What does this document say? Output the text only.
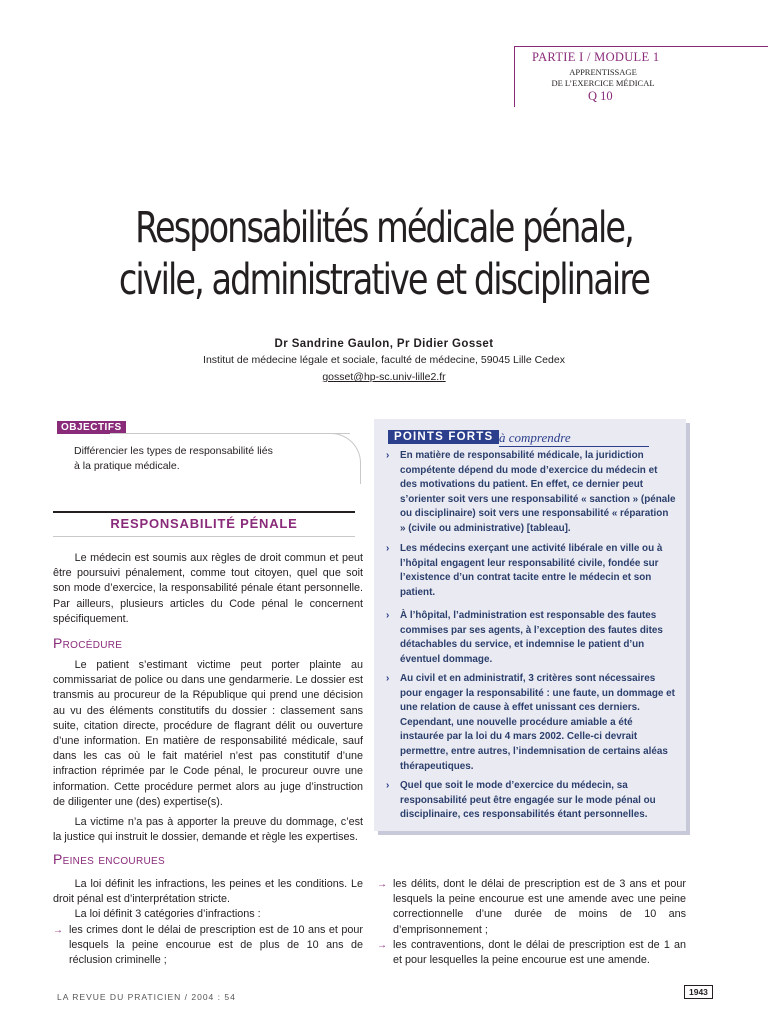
PARTIE I / MODULE 1
APPRENTISSAGE
DE L’EXERCICE MÉDICAL
Q 10
Responsabilités médicale pénale,
civile, administrative et disciplinaire
Dr Sandrine Gaulon, Pr Didier Gosset
Institut de médecine légale et sociale, faculté de médecine, 59045 Lille Cedex
gosset@hp-sc.univ-lille2.fr
OBJECTIFS
Différencier les types de responsabilité liés
à la pratique médicale.
RESPONSABILITÉ PÉNALE
  Le médecin est soumis aux règles de droit commun et peut être poursuivi pénalement, comme tout citoyen, quel que soit son mode d’exercice, la responsabilité pénale étant personnelle. Par ailleurs, plusieurs articles du Code pénal le concernent spécifiquement.
Procédure
  Le patient s’estimant victime peut porter plainte au commissariat de police ou dans une gendarmerie. Le dossier est transmis au procureur de la République qui prend une décision au vu des éléments constitutifs du dossier : classement sans suite, citation directe, procédure de flagrant délit ou ouverture d’une information. En matière de responsabilité médicale, sauf dans les cas où le fait matériel n’est pas constitutif d’une infraction réprimée par le Code pénal, le procureur ouvre une information. Cette procédure permet alors au juge d’instruction de diligenter une (des) expertise(s).
  La victime n’a pas à apporter la preuve du dommage, c’est la justice qui instruit le dossier, demande et règle les expertises.
Peines encourues
  La loi définit les infractions, les peines et les conditions. Le droit pénal est d’interprétation stricte.
  La loi définit 3 catégories d’infractions :
→ les crimes dont le délai de prescription est de 10 ans et pour lesquels la peine encourue est de plus de 10 ans de réclusion criminelle ;
→ les délits, dont le délai de prescription est de 3 ans et pour lesquels la peine encourue est une amende avec une peine correctionnelle d’une durée de moins de 10 ans d’emprisonnement ;
→ les contraventions, dont le délai de prescription est de 1 an et pour lesquelles la peine encourue est une amende.
POINTS FORTS à comprendre
› En matière de responsabilité médicale, la juridiction compétente dépend du mode d’exercice du médecin et des motivations du patient. En effet, ce dernier peut s’orienter soit vers une responsabilité « sanction » (pénale ou disciplinaire) soit vers une responsabilité « réparation » (civile ou administrative) [tableau].
› Les médecins exerçant une activité libérale en ville ou à l’hôpital engagent leur responsabilité civile, fondée sur l’existence d’un contrat tacite entre le médecin et son patient.
› À l’hôpital, l’administration est responsable des fautes commises par ses agents, à l’exception des fautes dites détachables du service, et indemnise le patient d’un éventuel dommage.
› Au civil et en administratif, 3 critères sont nécessaires pour engager la responsabilité : une faute, un dommage et une relation de cause à effet unissant ces derniers. Cependant, une nouvelle procédure amiable a été instaurée par la loi du 4 mars 2002. Celle-ci devrait permettre, entre autres, l’indemnisation de certains aléas thérapeutiques.
› Quel que soit le mode d’exercice du médecin, sa responsabilité peut être engagée sur le mode pénal ou disciplinaire, ces responsabilités étant personnelles.
LA REVUE DU PRATICIEN / 2004 : 54	1943
